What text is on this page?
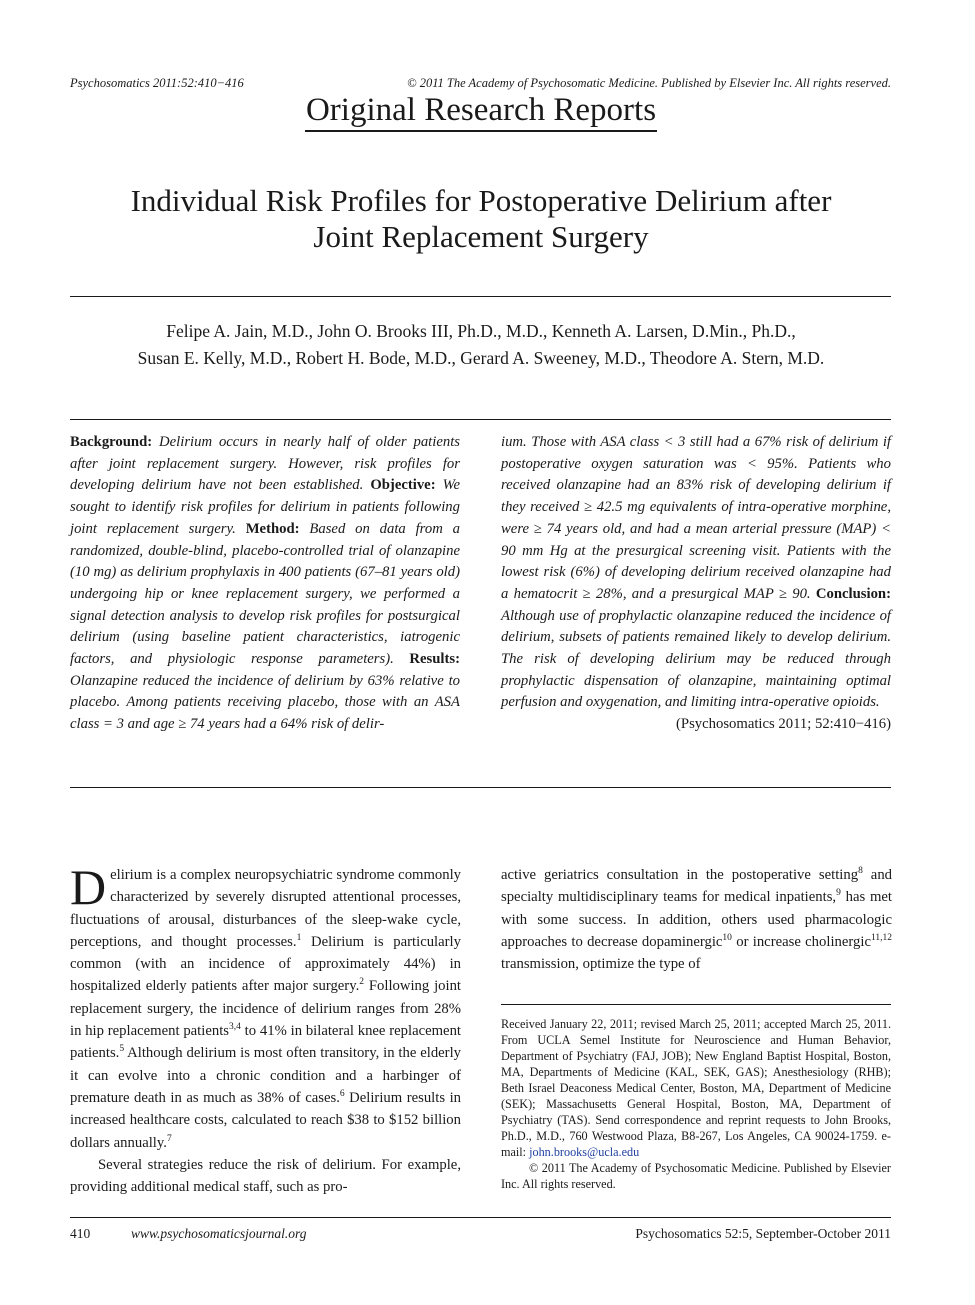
Psychosomatics 2011:52:410−416	© 2011 The Academy of Psychosomatic Medicine. Published by Elsevier Inc. All rights reserved.
Original Research Reports
Individual Risk Profiles for Postoperative Delirium after
Joint Replacement Surgery
Felipe A. Jain, M.D., John O. Brooks III, Ph.D., M.D., Kenneth A. Larsen, D.Min., Ph.D.,
Susan E. Kelly, M.D., Robert H. Bode, M.D., Gerard A. Sweeney, M.D., Theodore A. Stern, M.D.
Background: Delirium occurs in nearly half of older patients after joint replacement surgery. However, risk profiles for developing delirium have not been established. Objective: We sought to identify risk profiles for delirium in patients following joint replacement surgery. Method: Based on data from a randomized, double-blind, placebo-controlled trial of olanzapine (10 mg) as delirium prophylaxis in 400 patients (67–81 years old) undergoing hip or knee replacement surgery, we performed a signal detection analysis to develop risk profiles for postsurgical delirium (using baseline patient characteristics, iatrogenic factors, and physiologic response parameters). Results: Olanzapine reduced the incidence of delirium by 63% relative to placebo. Among patients receiving placebo, those with an ASA class = 3 and age ≥ 74 years had a 64% risk of delir-
ium. Those with ASA class < 3 still had a 67% risk of delirium if postoperative oxygen saturation was < 95%. Patients who received olanzapine had an 83% risk of developing delirium if they received ≥ 42.5 mg equivalents of intra-operative morphine, were ≥ 74 years old, and had a mean arterial pressure (MAP) < 90 mm Hg at the presurgical screening visit. Patients with the lowest risk (6%) of developing delirium received olanzapine had a hematocrit ≥ 28%, and a presurgical MAP ≥ 90. Conclusion: Although use of prophylactic olanzapine reduced the incidence of delirium, subsets of patients remained likely to develop delirium. The risk of developing delirium may be reduced through prophylactic dispensation of olanzapine, maintaining optimal perfusion and oxygenation, and limiting intra-operative opioids.
(Psychosomatics 2011; 52:410−416)

Delirium is a complex neuropsychiatric syndrome commonly characterized by severely disrupted attentional processes, fluctuations of arousal, disturbances of the sleep-wake cycle, perceptions, and thought processes.$^1$ Delirium is particularly common (with an incidence of approximately 44%) in hospitalized elderly patients after major surgery.$^2$ Following joint replacement surgery, the incidence of delirium ranges from 28% in hip replacement patients$^{3,4}$ to 41% in bilateral knee replacement patients.$^5$ Although delirium is most often transitory, in the elderly it can evolve into a chronic condition and a harbinger of premature death in as much as 38% of cases.$^6$ Delirium results in increased healthcare costs, calculated to reach $38 to $152 billion dollars annually.$^7$

Several strategies reduce the risk of delirium. For example, providing additional medical staff, such as pro-

active geriatrics consultation in the postoperative setting$^8$ and specialty multidisciplinary teams for medical inpatients,$^9$ has met with some success. In addition, others used pharmacologic approaches to decrease dopaminergic$^{10}$ or increase cholinergic$^{11,12}$ transmission, optimize the type of

Received January 22, 2011; revised March 25, 2011; accepted March 25, 2011. From UCLA Semel Institute for Neuroscience and Human Behavior, Department of Psychiatry (FAJ, JOB); New England Baptist Hospital, Boston, MA, Departments of Medicine (KAL, SEK, GAS); Anesthesiology (RHB); Beth Israel Deaconess Medical Center, Boston, MA, Department of Medicine (SEK); Massachusetts General Hospital, Boston, MA, Department of Psychiatry (TAS). Send correspondence and reprint requests to John Brooks, Ph.D., M.D., 760 Westwood Plaza, B8-267, Los Angeles, CA 90024-1759. e-mail: john.brooks@ucla.edu

© 2011 The Academy of Psychosomatic Medicine. Published by Elsevier Inc. All rights reserved.

410	www.psychosomaticsjournal.org	Psychosomatics 52:5, September-October 2011
